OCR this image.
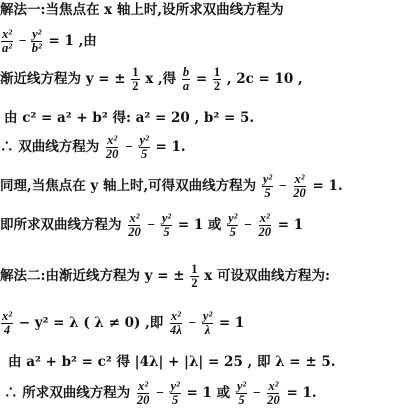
解法一:当焦点在 x 轴上时,设所求双曲线方程为
$\frac{\text{x²}}{\text{a²}} - \frac{\text{y²}}{\text{b²}} = 1$ ,由
渐近线方程为 y = ± $\frac{1}{2}$ x ,得 $\frac{b}{a} = \frac{1}{2}$ , 2c = 10 ,
由 c² = a² + b² 得: a² = 20 , b² = 5.
∴ 双曲线方程为 $\frac{\text{x²}}{20} - \frac{\text{y²}}{5} = 1$.
同理,当焦点在 y 轴上时,可得双曲线方程为 $\frac{\text{y²}}{5} - \frac{\text{x²}}{20} = 1$.
即所求双曲线方程为 $\frac{\text{x²}}{20} - \frac{\text{y²}}{5} = 1$ 或 $\frac{\text{y²}}{5} - \frac{\text{x²}}{20} = 1$
解法二:由渐近线方程为 y = ± $\frac{1}{2}$ x 可设双曲线方程为:
$\frac{\text{x²}}{4} - y^2 = \lambda$ ( λ ≠ 0) ,即 $\frac{\text{x²}}{4\lambda} - \frac{\text{y²}}{\lambda} = 1$
由 a² + b² = c² 得 |4λ| + |λ| = 25 , 即 λ = ± 5.
∴ 所求双曲线方程为 $\frac{\text{x²}}{20} - \frac{\text{y²}}{5} = 1$ 或 $\frac{\text{y²}}{5} - \frac{\text{x²}}{20} = 1$.
